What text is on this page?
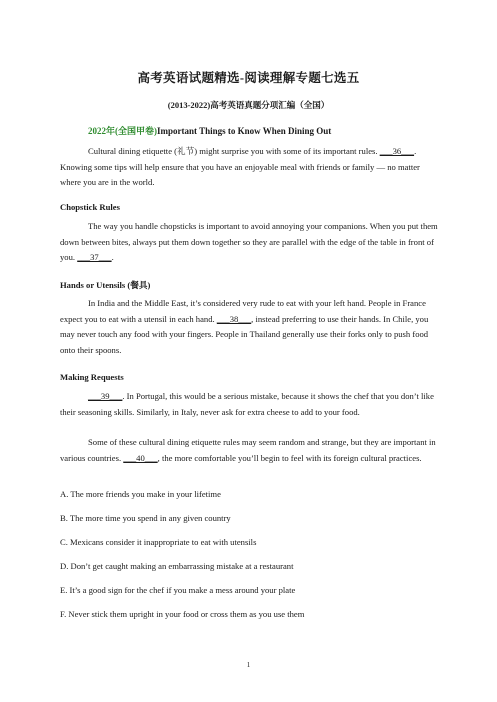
高考英语试题精选-阅读理解专题七选五
(2013-2022)高考英语真题分项汇编（全国）
2022年(全国甲卷)Important Things to Know When Dining Out
Cultural dining etiquette (礼节) might surprise you with some of its important rules. ___36___. Knowing some tips will help ensure that you have an enjoyable meal with friends or family — no matter where you are in the world.
Chopstick Rules
The way you handle chopsticks is important to avoid annoying your companions. When you put them down between bites, always put them down together so they are parallel with the edge of the table in front of you. ___37___.
Hands or Utensils (餐具)
In India and the Middle East, it’s considered very rude to eat with your left hand. People in France expect you to eat with a utensil in each hand. ___38___, instead preferring to use their hands. In Chile, you may never touch any food with your fingers. People in Thailand generally use their forks only to push food onto their spoons.
Making Requests
___39___. In Portugal, this would be a serious mistake, because it shows the chef that you don’t like their seasoning skills. Similarly, in Italy, never ask for extra cheese to add to your food.
Some of these cultural dining etiquette rules may seem random and strange, but they are important in various countries. ___40___, the more comfortable you’ll begin to feel with its foreign cultural practices.
A. The more friends you make in your lifetime
B. The more time you spend in any given country
C. Mexicans consider it inappropriate to eat with utensils
D. Don’t get caught making an embarrassing mistake at a restaurant
E. It’s a good sign for the chef if you make a mess around your plate
F. Never stick them upright in your food or cross them as you use them
1
